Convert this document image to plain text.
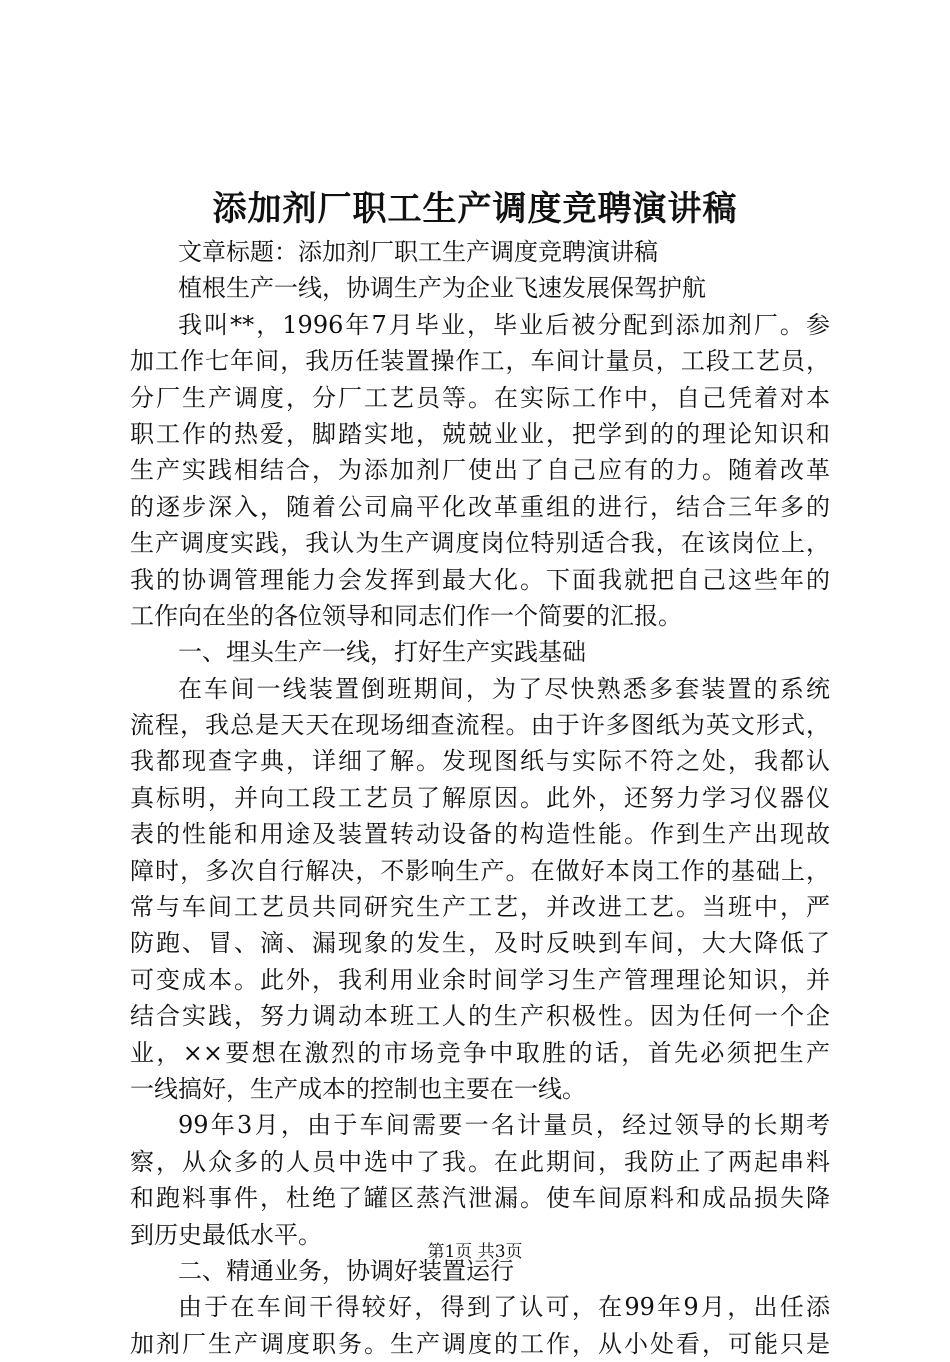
添加剂厂职工生产调度竞聘演讲稿
文章标题：添加剂厂职工生产调度竞聘演讲稿
植根生产一线，协调生产为企业飞速发展保驾护航
我叫**，1996年7月毕业，毕业后被分配到添加剂厂。参
加工作七年间，我历任装置操作工，车间计量员，工段工艺员，
分厂生产调度，分厂工艺员等。在实际工作中，自己凭着对本
职工作的热爱，脚踏实地，兢兢业业，把学到的的理论知识和
生产实践相结合，为添加剂厂使出了自己应有的力。随着改革
的逐步深入，随着公司扁平化改革重组的进行，结合三年多的
生产调度实践，我认为生产调度岗位特别适合我，在该岗位上，
我的协调管理能力会发挥到最大化。下面我就把自己这些年的
工作向在坐的各位领导和同志们作一个简要的汇报。
一、埋头生产一线，打好生产实践基础
在车间一线装置倒班期间，为了尽快熟悉多套装置的系统
流程，我总是天天在现场细查流程。由于许多图纸为英文形式，
我都现查字典，详细了解。发现图纸与实际不符之处，我都认
真标明，并向工段工艺员了解原因。此外，还努力学习仪器仪
表的性能和用途及装置转动设备的构造性能。作到生产出现故
障时，多次自行解决，不影响生产。在做好本岗工作的基础上，
常与车间工艺员共同研究生产工艺，并改进工艺。当班中，严
防跑、冒、滴、漏现象的发生，及时反映到车间，大大降低了
可变成本。此外，我利用业余时间学习生产管理理论知识，并
结合实践，努力调动本班工人的生产积极性。因为任何一个企
业，××要想在激烈的市场竞争中取胜的话，首先必须把生产
一线搞好，生产成本的控制也主要在一线。
99年3月，由于车间需要一名计量员，经过领导的长期考
察，从众多的人员中选中了我。在此期间，我防止了两起串料
和跑料事件，杜绝了罐区蒸汽泄漏。使车间原料和成品损失降
到历史最低水平。
二、精通业务，协调好装置运行
由于在车间干得较好，得到了认可，在99年9月，出任添
加剂厂生产调度职务。生产调度的工作，从小处看，可能只是
第1页 共3页
